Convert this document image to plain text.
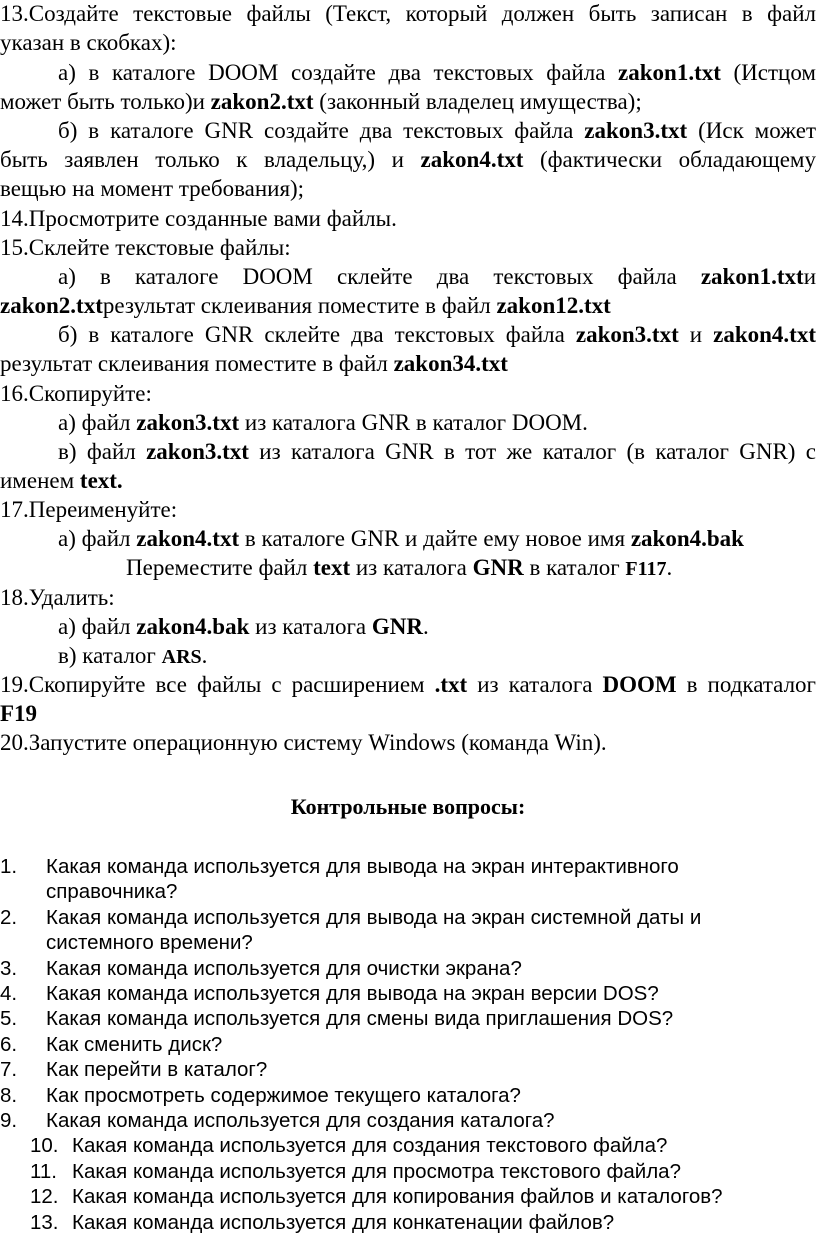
13.Создайте текстовые файлы (Текст, который должен быть записан в файл
указан в скобках):
а) в каталоге DOOM создайте два текстовых файла zakon1.txt (Истцом
может быть только)и zakon2.txt (законный владелец имущества);
б) в каталоге GNR создайте два текстовых файла zakon3.txt (Иск может
быть заявлен только к владельцу,) и zakon4.txt (фактически обладающему
вещью на момент требования);
14.Просмотрите созданные вами файлы.
15.Склейте текстовые файлы:
а) в каталоге DOOM склейте два текстовых файла zakon1.txtи
zakon2.txtрезультат склеивания поместите в файл zakon12.txt
б) в каталоге GNR склейте два текстовых файла zakon3.txt и zakon4.txt
результат склеивания поместите в файл zakon34.txt
16.Скопируйте:
а) файл zakon3.txt из каталога GNR в каталог DOOM.
в) файл zakon3.txt из каталога GNR в тот же каталог (в каталог GNR) с
именем text.
17.Переименуйте:
а) файл zakon4.txt в каталоге GNR и дайте ему новое имя zakon4.bak
Переместите файл text из каталога GNR в каталог F117.
18.Удалить:
а) файл zakon4.bak из каталога GNR.
в) каталог ARS.
19.Скопируйте все файлы с расширением .txt из каталога DOOM в подкаталог
F19
20.Запустите операционную систему Windows (команда Win).
Контрольные вопросы:
1. Какая команда используется для вывода на экран интерактивного
справочника?
2. Какая команда используется для вывода на экран системной даты и
системного времени?
3. Какая команда используется для очистки экрана?
4. Какая команда используется для вывода на экран версии DOS?
5. Какая команда используется для смены вида приглашения DOS?
6. Как сменить диск?
7. Как перейти в каталог?
8. Как просмотреть содержимое текущего каталога?
9. Какая команда используется для создания каталога?
10. Какая команда используется для создания текстового файла?
11. Какая команда используется для просмотра текстового файла?
12. Какая команда используется для копирования файлов и каталогов?
13. Какая команда используется для конкатенации файлов?
